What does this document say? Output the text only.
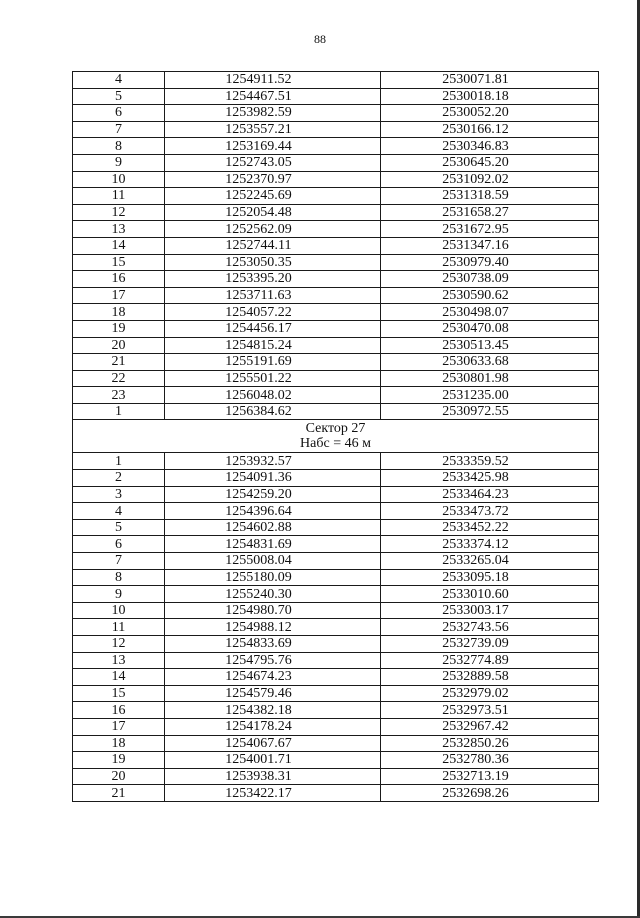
88
4	1254911.52	2530071.81
5	1254467.51	2530018.18
6	1253982.59	2530052.20
7	1253557.21	2530166.12
8	1253169.44	2530346.83
9	1252743.05	2530645.20
10	1252370.97	2531092.02
11	1252245.69	2531318.59
12	1252054.48	2531658.27
13	1252562.09	2531672.95
14	1252744.11	2531347.16
15	1253050.35	2530979.40
16	1253395.20	2530738.09
17	1253711.63	2530590.62
18	1254057.22	2530498.07
19	1254456.17	2530470.08
20	1254815.24	2530513.45
21	1255191.69	2530633.68
22	1255501.22	2530801.98
23	1256048.02	2531235.00
1	1256384.62	2530972.55

Сектор 27
Набс = 46 м		

1	1253932.57	2533359.52
2	1254091.36	2533425.98
3	1254259.20	2533464.23
4	1254396.64	2533473.72
5	1254602.88	2533452.22
6	1254831.69	2533374.12
7	1255008.04	2533265.04
8	1255180.09	2533095.18
9	1255240.30	2533010.60
10	1254980.70	2533003.17
11	1254988.12	2532743.56
12	1254833.69	2532739.09
13	1254795.76	2532774.89
14	1254674.23	2532889.58
15	1254579.46	2532979.02
16	1254382.18	2532973.51
17	1254178.24	2532967.42
18	1254067.67	2532850.26
19	1254001.71	2532780.36
20	1253938.31	2532713.19
21	1253422.17	2532698.26
